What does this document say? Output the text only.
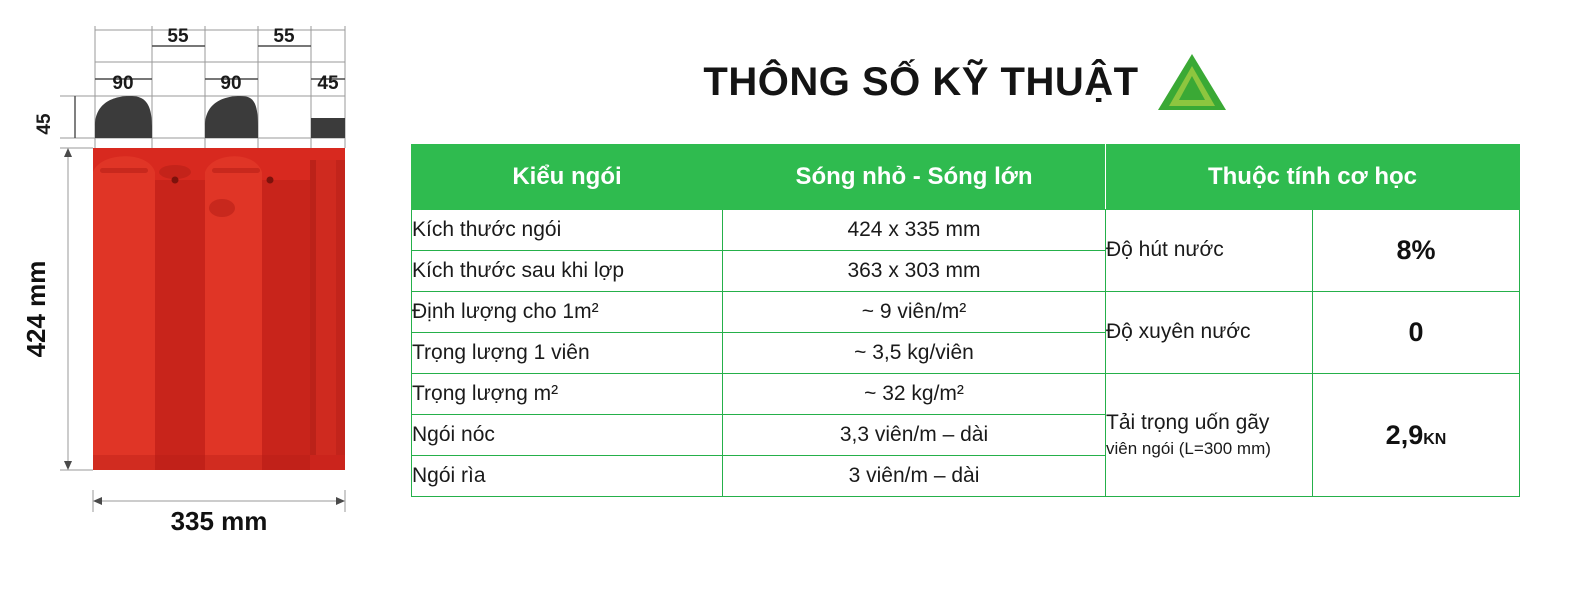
55	55
90	90	45
45
424 mm
335 mm
THÔNG SỐ KỸ THUẬT
Kiểu ngói	Sóng nhỏ - Sóng lớn	Thuộc tính cơ học	
Kích thước ngói	424 x 335 mm	Độ hút nước	8%
Kích thước sau khi lợp	363 x 303 mm		
Định lượng cho 1m²	~ 9 viên/m²	Độ xuyên nước	0
Trọng lượng 1 viên	~ 3,5 kg/viên		
Trọng lượng m²	~ 32 kg/m²	Tải trọng uốn gãy
viên ngói (L=300 mm)	2,9KN
Ngói nóc	3,3 viên/m – dài		
Ngói rìa	3 viên/m – dài		
